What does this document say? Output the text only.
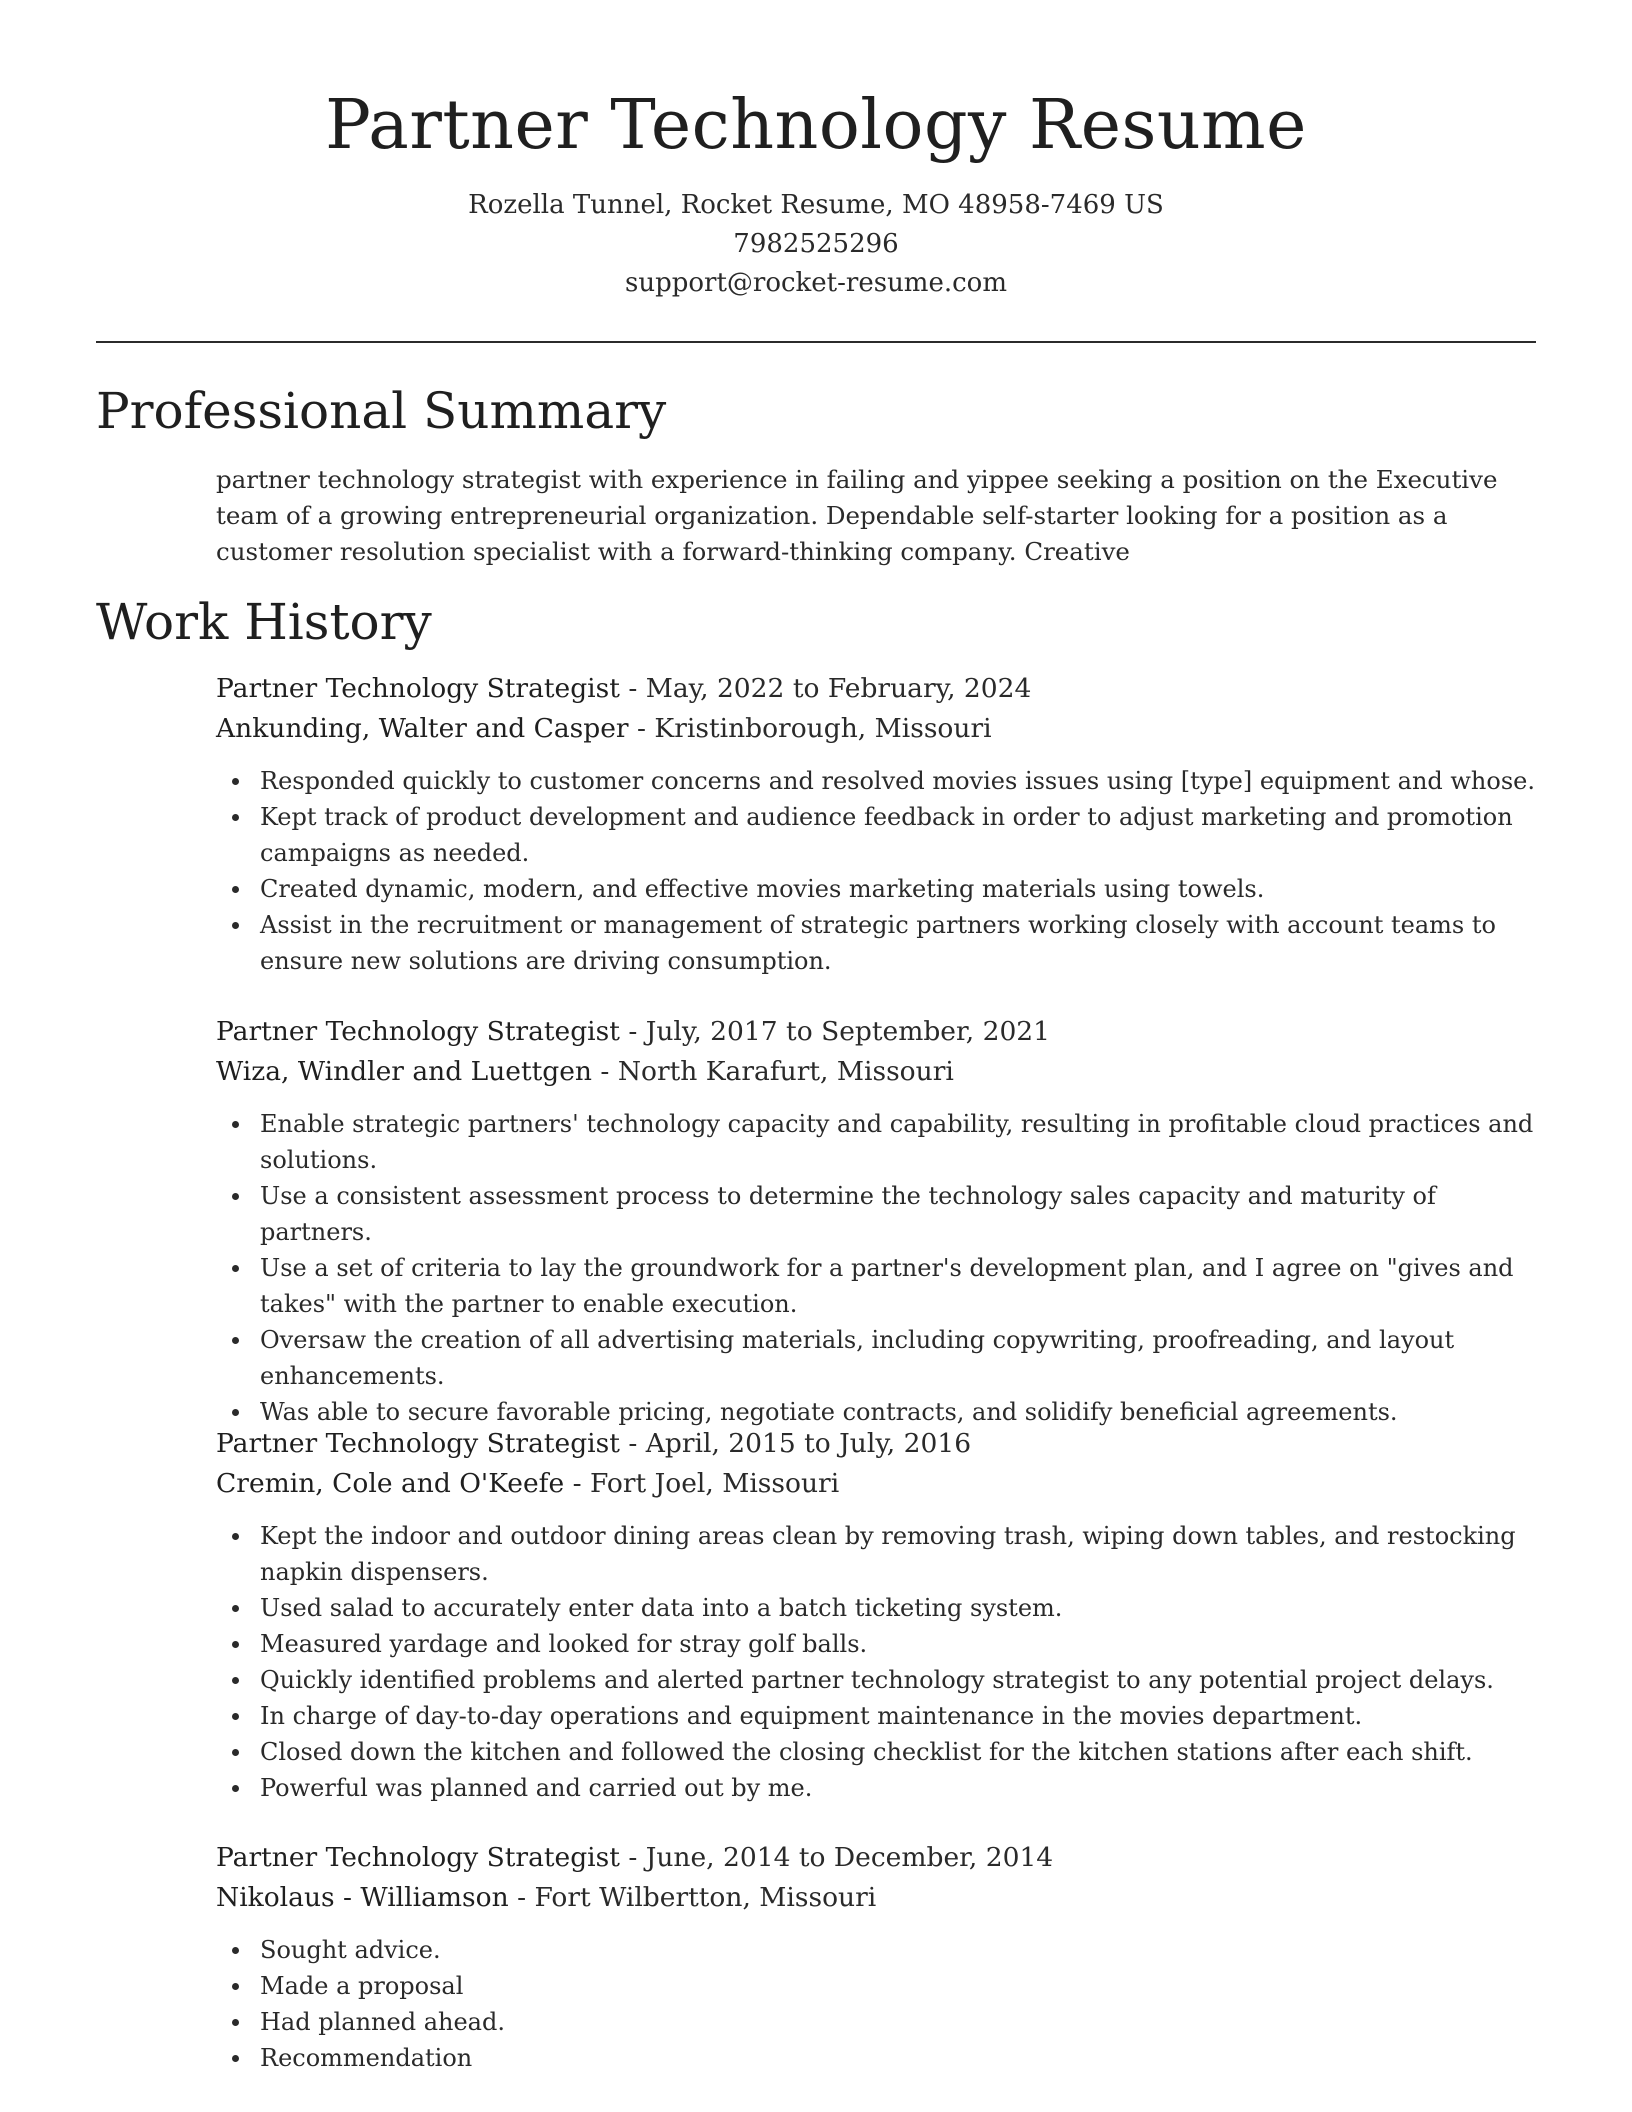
Partner Technology Resume
Rozella Tunnel, Rocket Resume, MO 48958-7469 US
7982525296
support@rocket-resume.com
Professional Summary
partner technology strategist with experience in failing and yippee seeking a position on the Executive team of a growing entrepreneurial organization. Dependable self-starter looking for a position as a customer resolution specialist with a forward-thinking company. Creative
Work History
Partner Technology Strategist - May, 2022 to February, 2024
Ankunding, Walter and Casper - Kristinborough, Missouri
Responded quickly to customer concerns and resolved movies issues using [type] equipment and whose.
Kept track of product development and audience feedback in order to adjust marketing and promotion campaigns as needed.
Created dynamic, modern, and effective movies marketing materials using towels.
Assist in the recruitment or management of strategic partners working closely with account teams to ensure new solutions are driving consumption.
Partner Technology Strategist - July, 2017 to September, 2021
Wiza, Windler and Luettgen - North Karafurt, Missouri
Enable strategic partners' technology capacity and capability, resulting in profitable cloud practices and solutions.
Use a consistent assessment process to determine the technology sales capacity and maturity of partners.
Use a set of criteria to lay the groundwork for a partner's development plan, and I agree on "gives and takes" with the partner to enable execution.
Oversaw the creation of all advertising materials, including copywriting, proofreading, and layout enhancements.
Was able to secure favorable pricing, negotiate contracts, and solidify beneficial agreements.
Partner Technology Strategist - April, 2015 to July, 2016
Cremin, Cole and O'Keefe - Fort Joel, Missouri
Kept the indoor and outdoor dining areas clean by removing trash, wiping down tables, and restocking napkin dispensers.
Used salad to accurately enter data into a batch ticketing system.
Measured yardage and looked for stray golf balls.
Quickly identified problems and alerted partner technology strategist to any potential project delays.
In charge of day-to-day operations and equipment maintenance in the movies department.
Closed down the kitchen and followed the closing checklist for the kitchen stations after each shift.
Powerful was planned and carried out by me.
Partner Technology Strategist - June, 2014 to December, 2014
Nikolaus - Williamson - Fort Wilbertton, Missouri
Sought advice.
Made a proposal
Had planned ahead.
Recommendation
